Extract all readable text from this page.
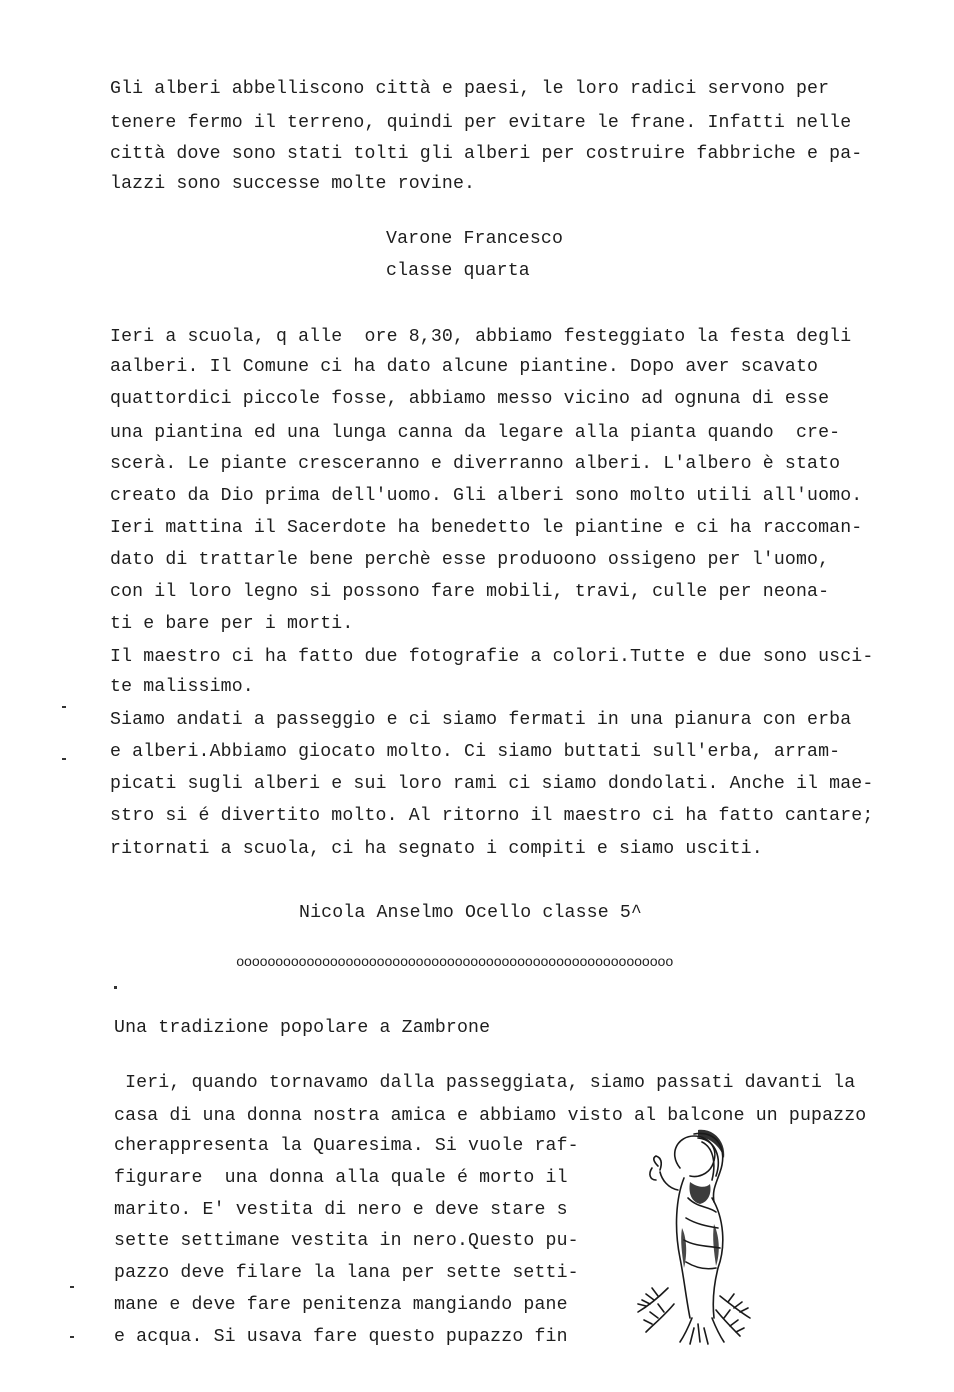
Gli alberi abbelliscono città e paesi, le loro radici servono per
tenere fermo il terreno, quindi per evitare le frane. Infatti nelle
città dove sono stati tolti gli alberi per costruire fabbriche e pa-
lazzi sono successe molte rovine.
Varone Francesco
classe quarta
Ieri a scuola, q alle  ore 8,30, abbiamo festeggiato la festa degli
aalberi. Il Comune ci ha dato alcune piantine. Dopo aver scavato
quattordici piccole fosse, abbiamo messo vicino ad ognuna di esse
una piantina ed una lunga canna da legare alla pianta quando  cre-
scerà. Le piante cresceranno e diverranno alberi. L'albero è stato
creato da Dio prima dell'uomo. Gli alberi sono molto utili all'uomo.
Ieri mattina il Sacerdote ha benedetto le piantine e ci ha raccoman-
dato di trattarle bene perchè esse produoono ossigeno per l'uomo,
con il loro legno si possono fare mobili, travi, culle per neona-
ti e bare per i morti.
Il maestro ci ha fatto due fotografie a colori.Tutte e due sono usci-
te malissimo.
Siamo andati a passeggio e ci siamo fermati in una pianura con erba
e alberi.Abbiamo giocato molto. Ci siamo buttati sull'erba, arram-
picati sugli alberi e sui loro rami ci siamo dondolati. Anche il mae-
stro si é divertito molto. Al ritorno il maestro ci ha fatto cantare;
ritornati a scuola, ci ha segnato i compiti e siamo usciti.
Nicola Anselmo Ocello classe 5^
oooooooooooooooooooooooooooooooooooooooooooooooooooooooo
Una tradizione popolare a Zambrone
Ieri, quando tornavamo dalla passeggiata, siamo passati davanti la
casa di una donna nostra amica e abbiamo visto al balcone un pupazzo
cherappresenta la Quaresima. Si vuole raf-
figurare  una donna alla quale é morto il
marito. E' vestita di nero e deve stare s
sette settimane vestita in nero.Questo pu-
pazzo deve filare la lana per sette setti-
mane e deve fare penitenza mangiando pane
e acqua. Si usava fare questo pupazzo fin
